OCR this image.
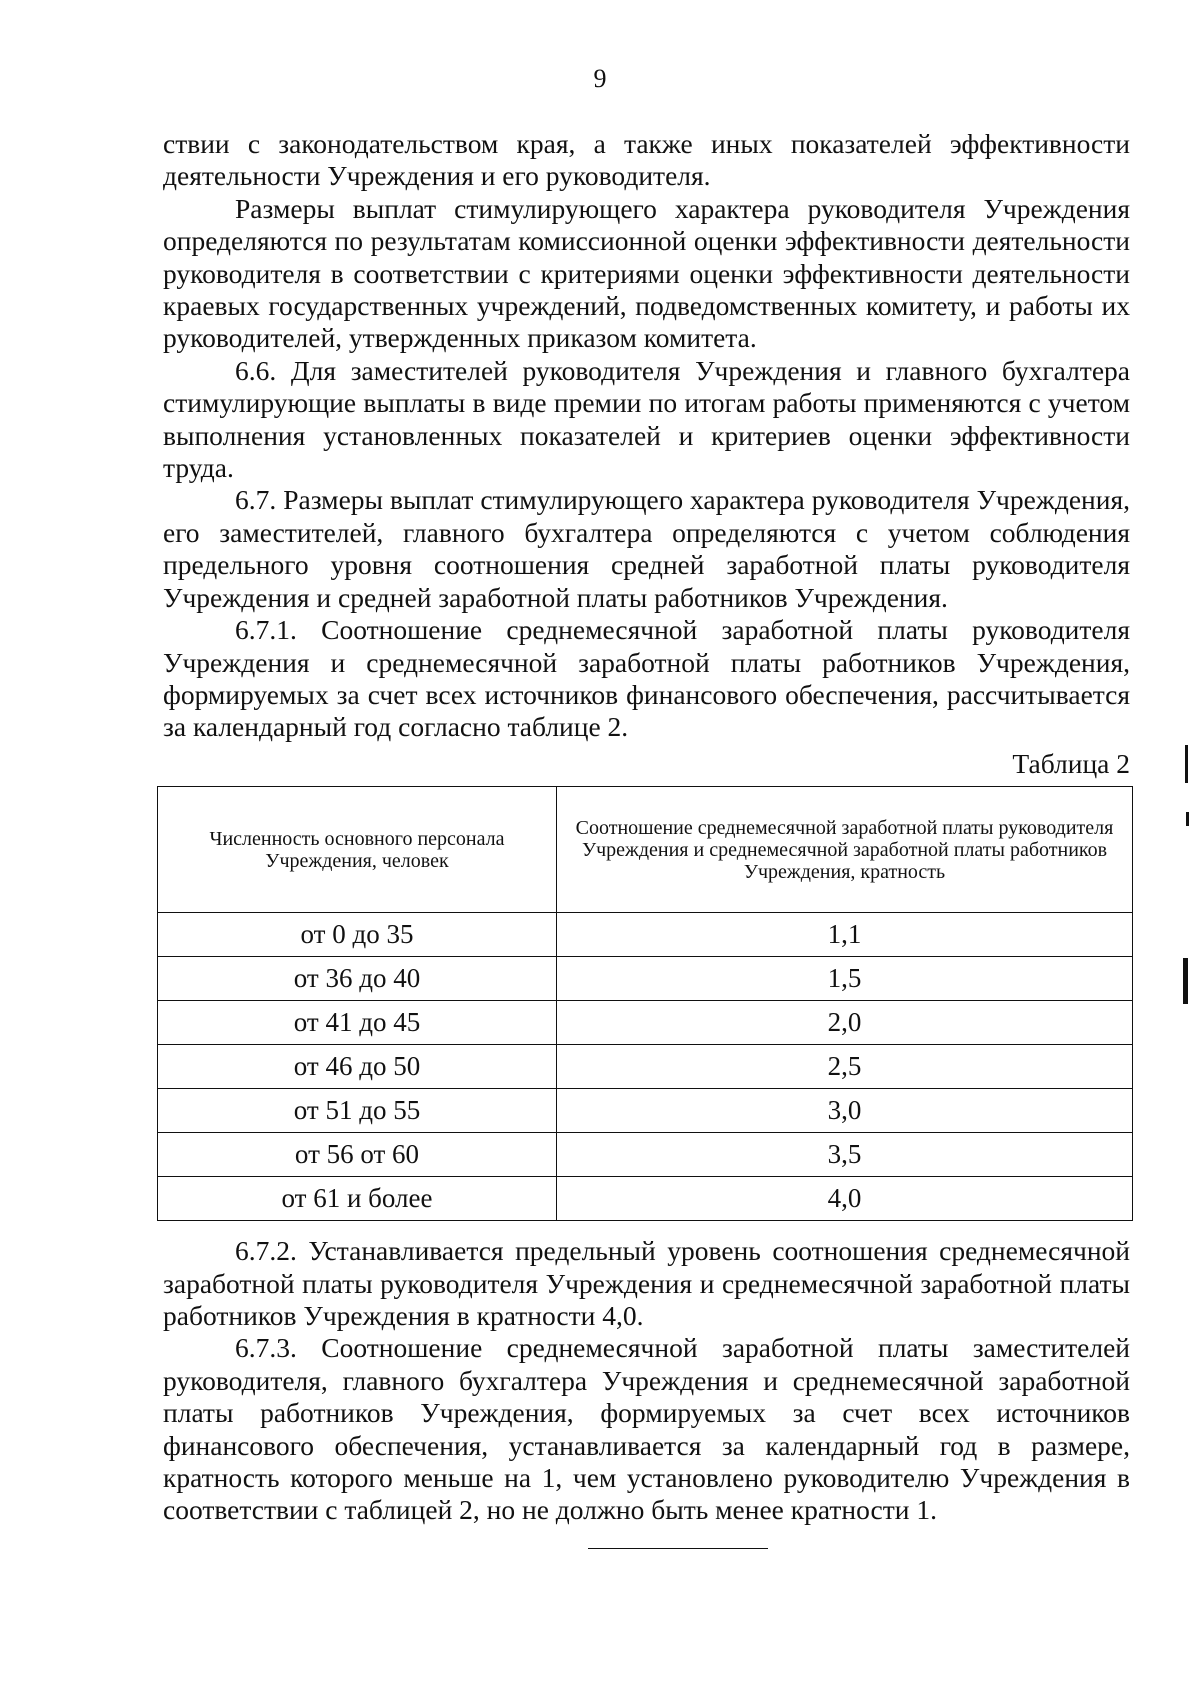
9

ствии с законодательством края, а также иных показателей эффективности деятельности Учреждения и его руководителя.

Размеры выплат стимулирующего характера руководителя Учреждения определяются по результатам комиссионной оценки эффективности деятельности руководителя в соответствии с критериями оценки эффективности деятельности краевых государственных учреждений, подведомственных комитету, и работы их руководителей, утвержденных приказом комитета.

6.6. Для заместителей руководителя Учреждения и главного бухгалтера стимулирующие выплаты в виде премии по итогам работы применяются с учетом выполнения установленных показателей и критериев оценки эффективности труда.

6.7. Размеры выплат стимулирующего характера руководителя Учреждения, его заместителей, главного бухгалтера определяются с учетом соблюдения предельного уровня соотношения средней заработной платы руководителя Учреждения и средней заработной платы работников Учреждения.

6.7.1. Соотношение среднемесячной заработной платы руководителя Учреждения и среднемесячной заработной платы работников Учреждения, формируемых за счет всех источников финансового обеспечения, рассчитывается за календарный год согласно таблице 2.

Таблица 2
Численность основного персонала Учреждения, человек	Соотношение среднемесячной заработной платы руководителя Учреждения и среднемесячной заработной платы работников Учреждения, кратность
от 0 до 35	1,1
от 36 до 40	1,5
от 41 до 45	2,0
от 46 до 50	2,5
от 51 до 55	3,0
от 56 от 60	3,5
от 61 и более	4,0

6.7.2. Устанавливается предельный уровень соотношения среднемесячной заработной платы руководителя Учреждения и среднемесячной заработной платы работников Учреждения в кратности 4,0.

6.7.3. Соотношение среднемесячной заработной платы заместителей руководителя, главного бухгалтера Учреждения и среднемесячной заработной платы работников Учреждения, формируемых за счет всех источников финансового обеспечения, устанавливается за календарный год в размере, кратность которого меньше на 1, чем установлено руководителю Учреждения в соответствии с таблицей 2, но не должно быть менее кратности 1.
